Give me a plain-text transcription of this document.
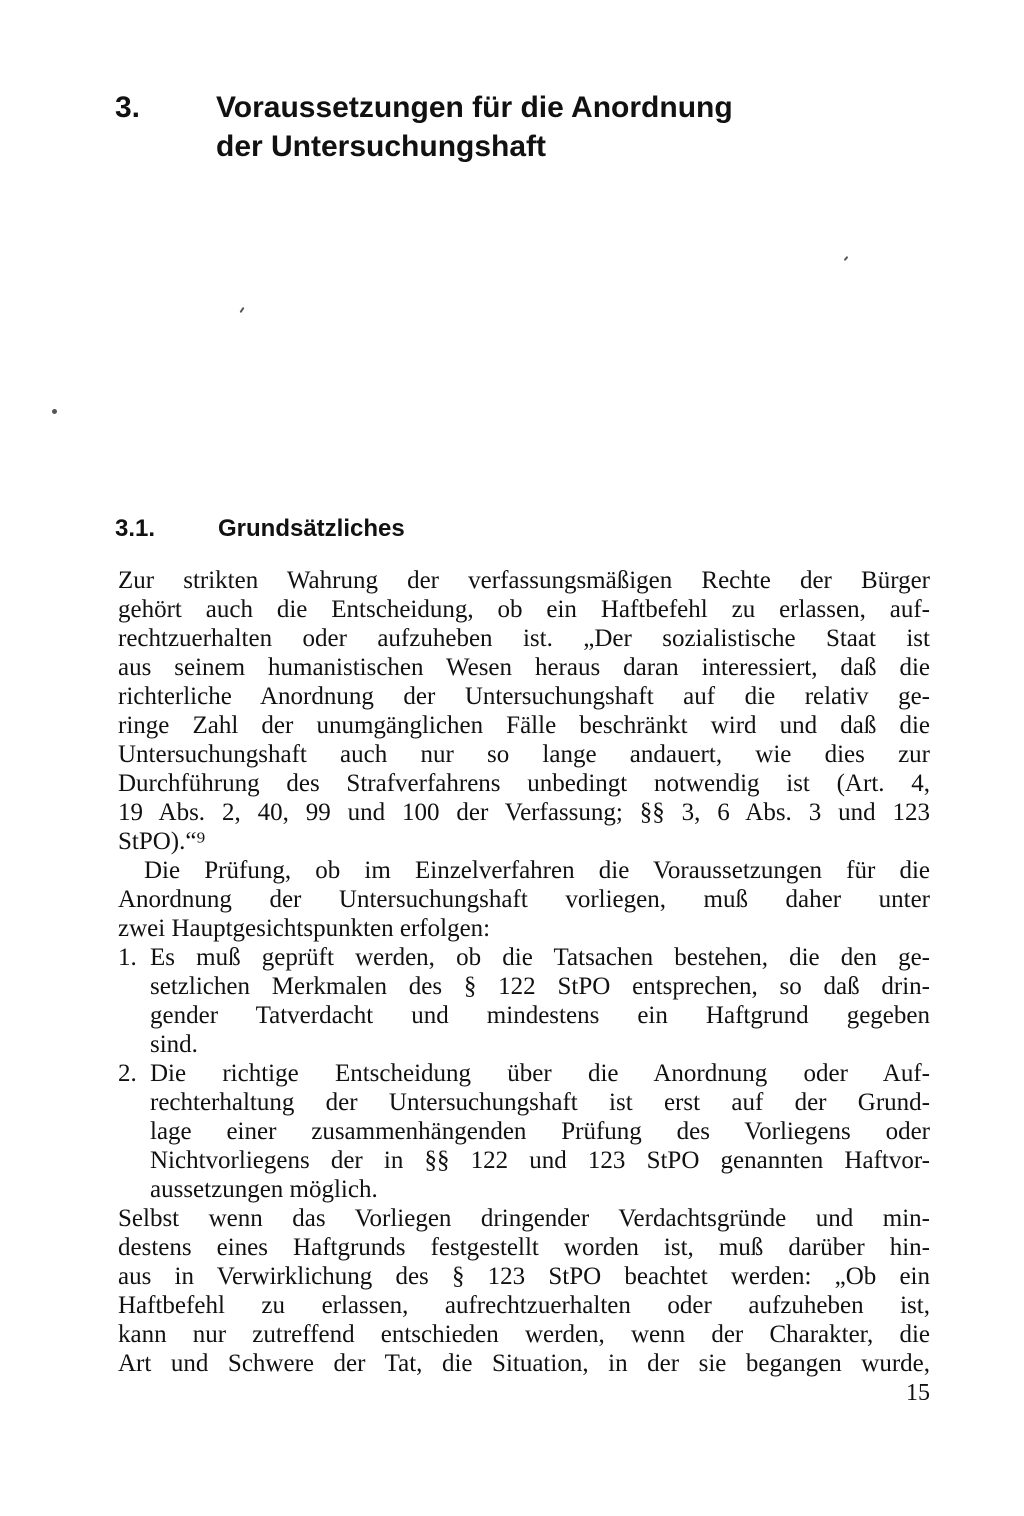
3.	Voraussetzungen für die Anordnung
der Untersuchungshaft
3.1.	Grundsätzliches
Zur strikten Wahrung der verfassungsmäßigen Rechte der Bürger
gehört auch die Entscheidung, ob ein Haftbefehl zu erlassen, auf-
rechtzuerhalten oder aufzuheben ist. „Der sozialistische Staat ist
aus seinem humanistischen Wesen heraus daran interessiert, daß die
richterliche Anordnung der Untersuchungshaft auf die relativ ge-
ringe Zahl der unumgänglichen Fälle beschränkt wird und daß die
Untersuchungshaft auch nur so lange andauert, wie dies zur
Durchführung des Strafverfahrens unbedingt notwendig ist (Art. 4,
19 Abs. 2, 40, 99 und 100 der Verfassung; §§ 3, 6 Abs. 3 und 123
StPO).“⁹
Die Prüfung, ob im Einzelverfahren die Voraussetzungen für die
Anordnung der Untersuchungshaft vorliegen, muß daher unter
zwei Hauptgesichtspunkten erfolgen:
1. Es muß geprüft werden, ob die Tatsachen bestehen, die den ge-
setzlichen Merkmalen des § 122 StPO entsprechen, so daß drin-
gender Tatverdacht und mindestens ein Haftgrund gegeben
sind.
2. Die richtige Entscheidung über die Anordnung oder Auf-
rechterhaltung der Untersuchungshaft ist erst auf der Grund-
lage einer zusammenhängenden Prüfung des Vorliegens oder
Nichtvorliegens der in §§ 122 und 123 StPO genannten Haftvor-
aussetzungen möglich.
Selbst wenn das Vorliegen dringender Verdachtsgründe und min-
destens eines Haftgrunds festgestellt worden ist, muß darüber hin-
aus in Verwirklichung des § 123 StPO beachtet werden: „Ob ein
Haftbefehl zu erlassen, aufrechtzuerhalten oder aufzuheben ist,
kann nur zutreffend entschieden werden, wenn der Charakter, die
Art und Schwere der Tat, die Situation, in der sie begangen wurde,
15
